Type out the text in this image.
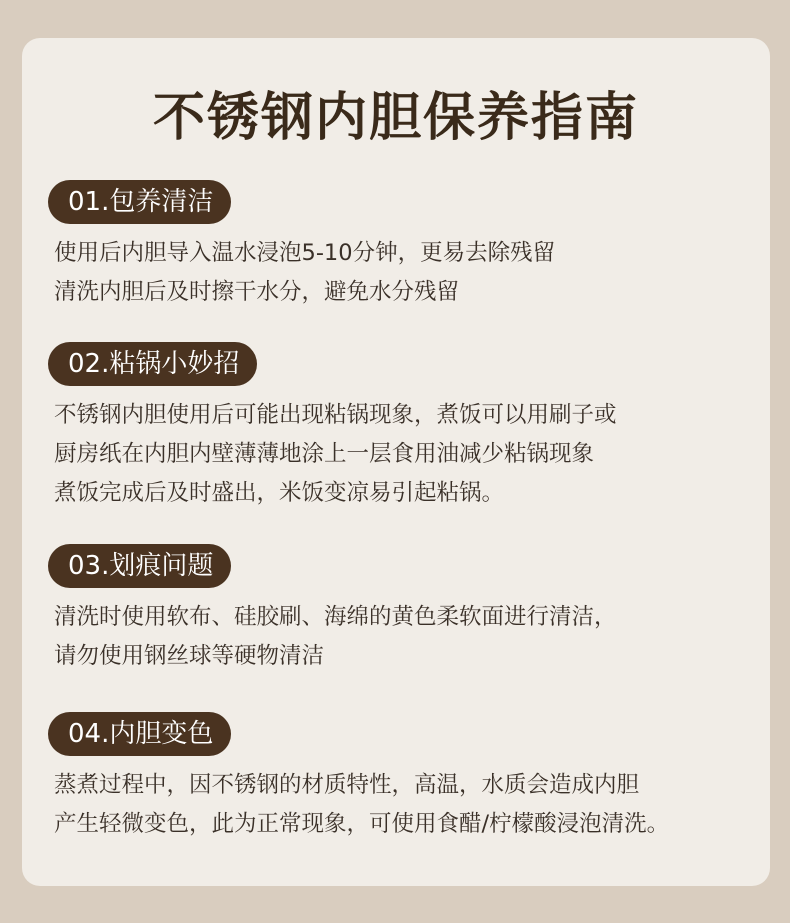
不锈钢内胆保养指南
01.包养清洁
使用后内胆导入温水浸泡5-10分钟，更易去除残留
清洗内胆后及时擦干水分，避免水分残留
02.粘锅小妙招
不锈钢内胆使用后可能出现粘锅现象，煮饭可以用刷子或
厨房纸在内胆内壁薄薄地涂上一层食用油减少粘锅现象
煮饭完成后及时盛出，米饭变凉易引起粘锅。
03.划痕问题
清洗时使用软布、硅胶刷、海绵的黄色柔软面进行清洁，
请勿使用钢丝球等硬物清洁
04.内胆变色
蒸煮过程中，因不锈钢的材质特性，高温，水质会造成内胆
产生轻微变色，此为正常现象，可使用食醋/柠檬酸浸泡清洗。
